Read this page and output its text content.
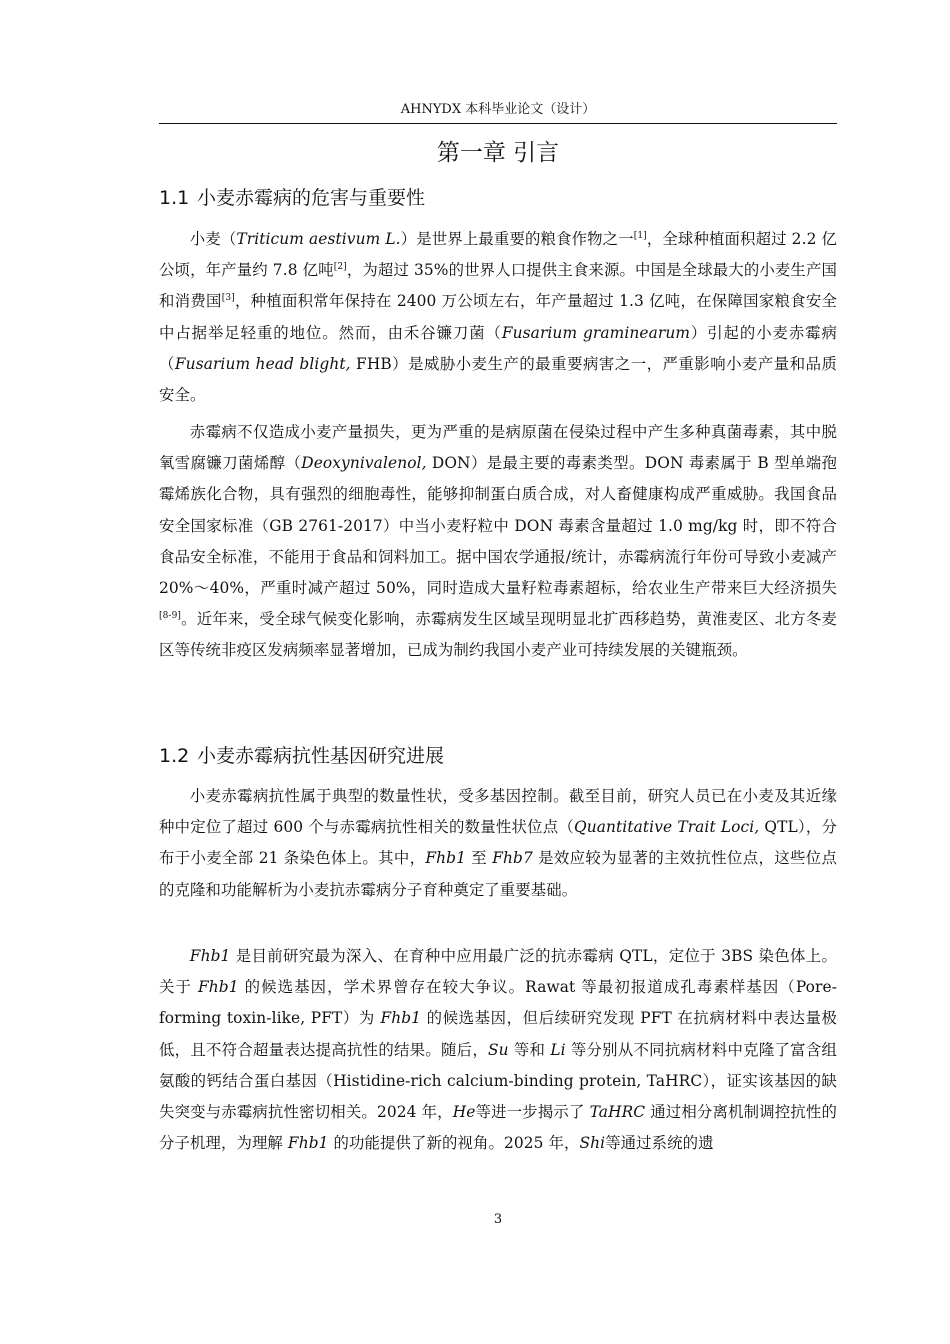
AHNYDX 本科毕业论文（设计）
第一章 引言
1.1 小麦赤霉病的危害与重要性

小麦（Triticum aestivum L.）是世界上最重要的粮食作物之一[1]，全球种植面积超过 2.2 亿公顷，年产量约 7.8 亿吨[2]，为超过 35%的世界人口提供主食来源。中国是全球最大的小麦生产国和消费国[3]，种植面积常年保持在 2400 万公顷左右，年产量超过 1.3 亿吨，在保障国家粮食安全中占据举足轻重的地位。然而，由禾谷镰刀菌（Fusarium graminearum）引起的小麦赤霉病（Fusarium head blight, FHB）是威胁小麦生产的最重要病害之一，严重影响小麦产量和品质安全。

赤霉病不仅造成小麦产量损失，更为严重的是病原菌在侵染过程中产生多种真菌毒素，其中脱氧雪腐镰刀菌烯醇（Deoxynivalenol, DON）是最主要的毒素类型。DON 毒素属于 B 型单端孢霉烯族化合物，具有强烈的细胞毒性，能够抑制蛋白质合成，对人畜健康构成严重威胁。我国食品安全国家标准（GB 2761-2017）中当小麦籽粒中 DON 毒素含量超过 1.0 mg/kg 时，即不符合食品安全标准，不能用于食品和饲料加工。据中国农学通报/统计，赤霉病流行年份可导致小麦减产 20%～40%，严重时减产超过 50%，同时造成大量籽粒毒素超标，给农业生产带来巨大经济损失[8-9]。近年来，受全球气候变化影响，赤霉病发生区域呈现明显北扩西移趋势，黄淮麦区、北方冬麦区等传统非疫区发病频率显著增加，已成为制约我国小麦产业可持续发展的关键瓶颈。

1.2 小麦赤霉病抗性基因研究进展

小麦赤霉病抗性属于典型的数量性状，受多基因控制。截至目前，研究人员已在小麦及其近缘种中定位了超过 600 个与赤霉病抗性相关的数量性状位点（Quantitative Trait Loci, QTL），分布于小麦全部 21 条染色体上。其中，Fhb1 至 Fhb7 是效应较为显著的主效抗性位点，这些位点的克隆和功能解析为小麦抗赤霉病分子育种奠定了重要基础。

Fhb1 是目前研究最为深入、在育种中应用最广泛的抗赤霉病 QTL，定位于 3BS 染色体上。关于 Fhb1 的候选基因，学术界曾存在较大争议。Rawat 等最初报道成孔毒素样基因（Pore-forming toxin-like, PFT）为 Fhb1 的候选基因，但后续研究发现 PFT 在抗病材料中表达量极低，且不符合超量表达提高抗性的结果。随后，Su 等和 Li 等分别从不同抗病材料中克隆了富含组氨酸的钙结合蛋白基因（Histidine-rich calcium-binding protein, TaHRC），证实该基因的缺失突变与赤霉病抗性密切相关。2024 年，He等进一步揭示了 TaHRC 通过相分离机制调控抗性的分子机理，为理解 Fhb1 的功能提供了新的视角。2025 年，Shi等通过系统的遗

3
